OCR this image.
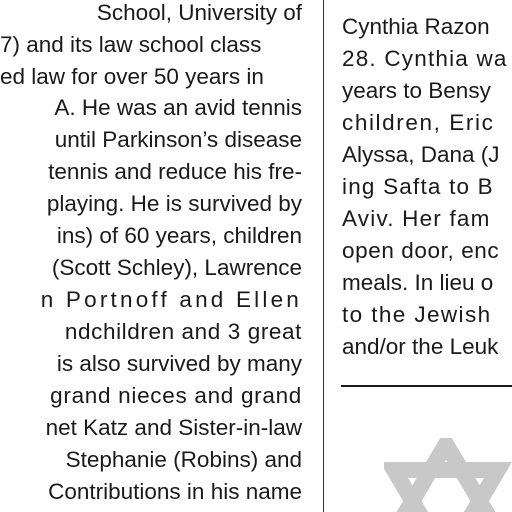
School, University of
7) and its law school class
ed law for over 50 years in
A. He was an avid tennis
until Parkinson’s disease
tennis and reduce his fre-
playing. He is survived by
ins) of 60 years, children
(Scott Schley), Lawrence
n Portnoff and Ellen
ndchildren and 3 great
is also survived by many
grand nieces and grand
net Katz and Sister-in-law
Stephanie (Robins) and
Contributions in his name
Cynthia Razon
28. Cynthia wa
years to Bensy
children, Eric
Alyssa, Dana (J
ing Safta to B
Aviv. Her fam
open door, enc
meals. In lieu o
to the Jewish
and/or the Leuk
